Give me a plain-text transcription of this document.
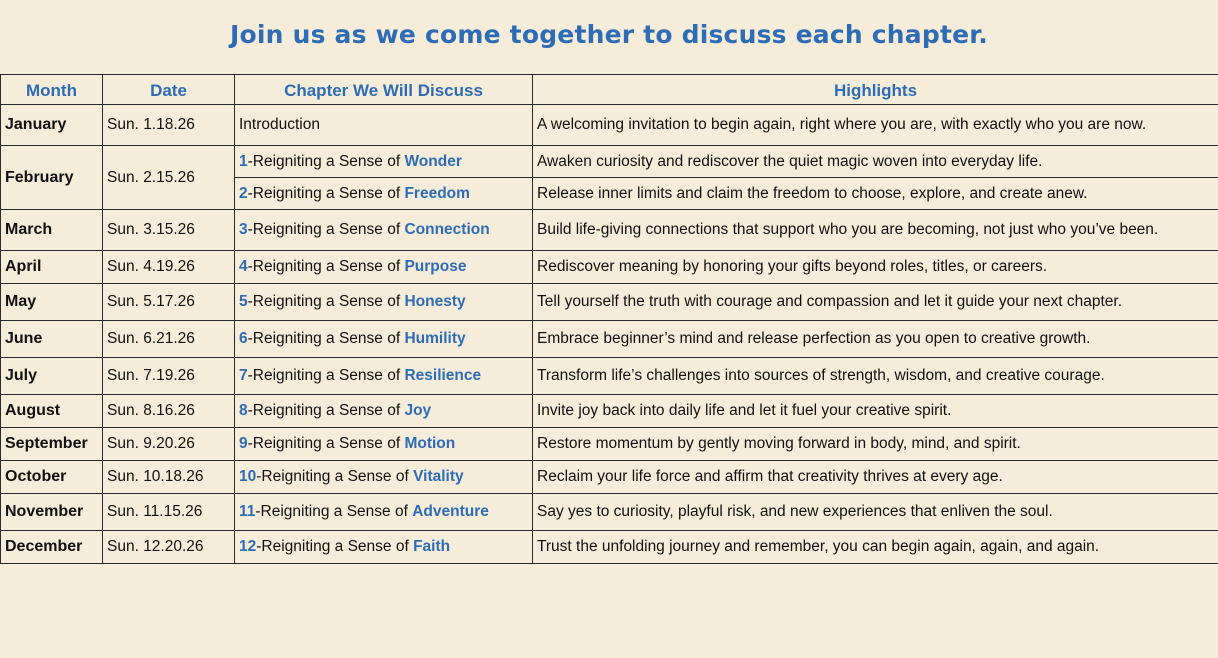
Join us as we come together to discuss each chapter.
Month	Date	Chapter We Will Discuss	Highlights
January	Sun. 1.18.26	Introduction	A welcoming invitation to begin again, right where you are, with exactly who you are now.
February	Sun. 2.15.26	1-Reigniting a Sense of Wonder	Awaken curiosity and rediscover the quiet magic woven into everyday life.
		2-Reigniting a Sense of Freedom	Release inner limits and claim the freedom to choose, explore, and create anew.
March	Sun. 3.15.26	3-Reigniting a Sense of Connection	Build life-giving connections that support who you are becoming, not just who you’ve been.
April	Sun. 4.19.26	4-Reigniting a Sense of Purpose	Rediscover meaning by honoring your gifts beyond roles, titles, or careers.
May	Sun. 5.17.26	5-Reigniting a Sense of Honesty	Tell yourself the truth with courage and compassion and let it guide your next chapter.
June	Sun. 6.21.26	6-Reigniting a Sense of Humility	Embrace beginner’s mind and release perfection as you open to creative growth.
July	Sun. 7.19.26	7-Reigniting a Sense of Resilience	Transform life’s challenges into sources of strength, wisdom, and creative courage.
August	Sun. 8.16.26	8-Reigniting a Sense of Joy	Invite joy back into daily life and let it fuel your creative spirit.
September	Sun. 9.20.26	9-Reigniting a Sense of Motion	Restore momentum by gently moving forward in body, mind, and spirit.
October	Sun. 10.18.26	10-Reigniting a Sense of Vitality	Reclaim your life force and affirm that creativity thrives at every age.
November	Sun. 11.15.26	11-Reigniting a Sense of Adventure	Say yes to curiosity, playful risk, and new experiences that enliven the soul.
December	Sun. 12.20.26	12-Reigniting a Sense of Faith	Trust the unfolding journey and remember, you can begin again, again, and again.
